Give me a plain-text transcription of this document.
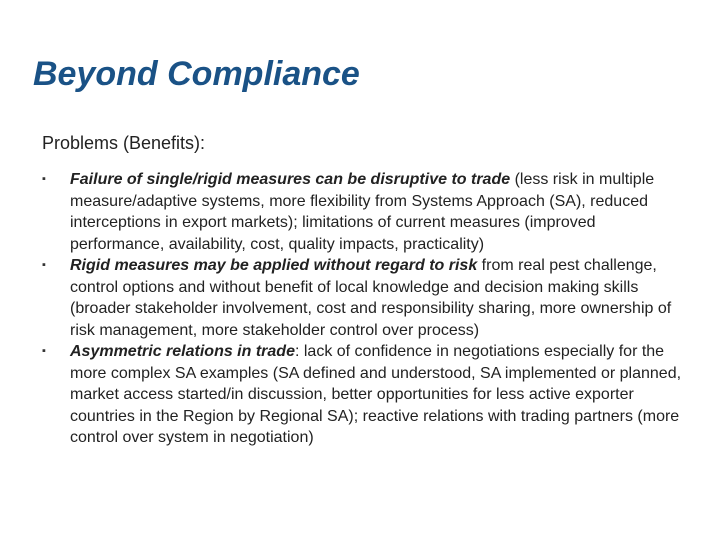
Beyond Compliance

Problems (Benefits):

▪ Failure of single/rigid measures can be disruptive to trade (less risk in multiple measure/adaptive systems, more flexibility from Systems Approach (SA), reduced interceptions in export markets); limitations of current measures (improved performance, availability, cost, quality impacts, practicality)
▪ Rigid measures may be applied without regard to risk from real pest challenge, control options and without benefit of local knowledge and decision making skills (broader stakeholder involvement, cost and responsibility sharing, more ownership of risk management, more stakeholder control over process)
▪ Asymmetric relations in trade: lack of confidence in negotiations especially for the more complex SA examples (SA defined and understood, SA implemented or planned, market access started/in discussion, better opportunities for less active exporter countries in the Region by Regional SA); reactive relations with trading partners (more control over system in negotiation)
